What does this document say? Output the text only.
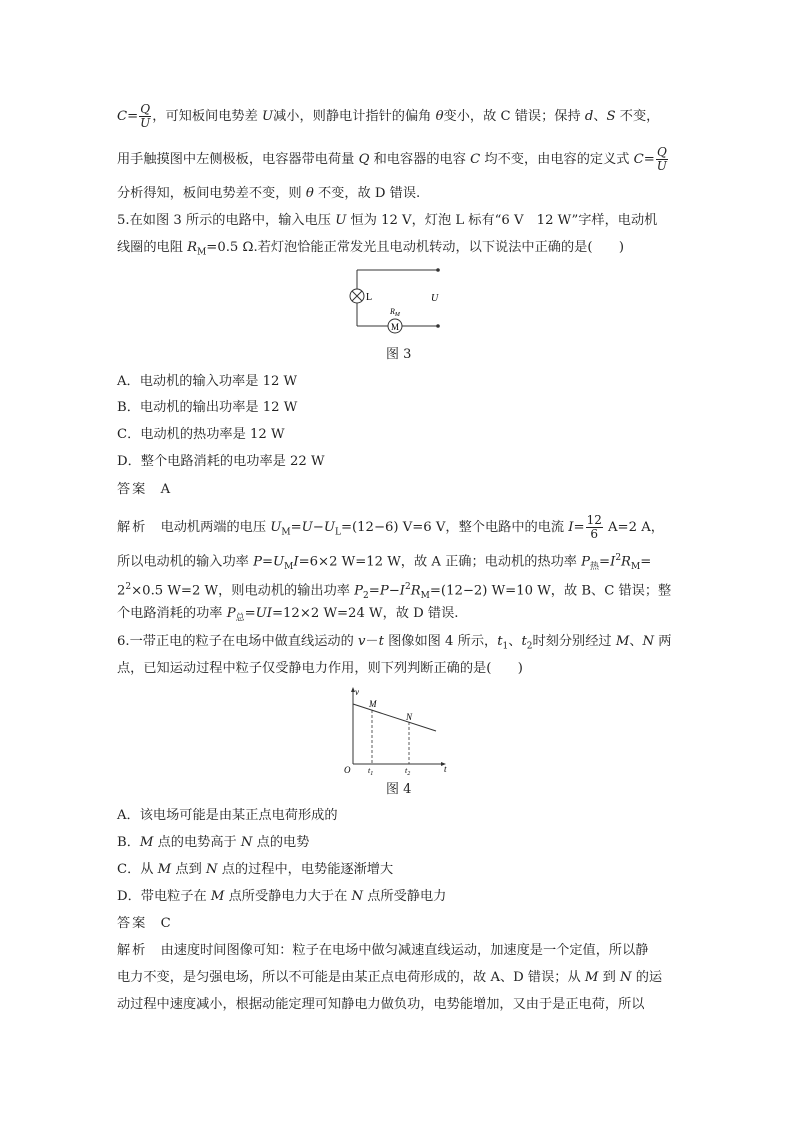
$C= \frac{Q}{U}$ ，可知板间电势差 U减小，则静电计指针的偏角 θ变小，故 C 错误；保持 d、S 不变，
用手触摸图中左侧极板，电容器带电荷量 Q 和电容器的电容 C 均不变，由电容的定义式 $C= \frac{Q}{U}$
分析得知，板间电势差不变，则 θ 不变，故 D 错误.
5.在如图 3 所示的电路中，输入电压 U 恒为 12 V，灯泡 L 标有“6 V　12 W”字样，电动机
线圈的电阻 $R_M=0.5$ Ω.若灯泡恰能正常发光且电动机转动，以下说法中正确的是(　　)
L
M
$R_M$
U
图 3
A．电动机的输入功率是 12 W
B．电动机的输出功率是 12 W
C．电动机的热功率是 12 W
D．整个电路消耗的电功率是 22 W
答案　 A
解析　 电动机两端的电压 $U_M=U-U_L=(12-6)$ V=6 V，整个电路中的电流 $I= \frac{12}{6} A=2$ A，
所以电动机的输入功率 $P=U_MI=6\times 2$ W=12 W，故 A 正确；电动机的热功率 $P_热=I^2R_M=$
$2^2\times 0.5$ W=2 W，则电动机的输出功率 $P_2=P-I^2R_M=(12-2)$ W=10 W，故 B、C 错误；整
个电路消耗的功率 $P_总=UI=12\times 2$ W=24 W，故 D 错误.
6.一带正电的粒子在电场中做直线运动的 v－t 图像如图 4 所示，$t_1$、$t_2$时刻分别经过 M、N 两
点，已知运动过程中粒子仅受静电力作用，则下列判断正确的是(　　)
v
t
O $t_1$	$t_2$
M
N
图 4
A．该电场可能是由某正点电荷形成的
B．M 点的电势高于 N 点的电势
C．从 M 点到 N 点的过程中，电势能逐渐增大
D．带电粒子在 M 点所受静电力大于在 N 点所受静电力
答案　 C
解析　 由速度时间图像可知：粒子在电场中做匀减速直线运动，加速度是一个定值，所以静
电力不变，是匀强电场，所以不可能是由某正点电荷形成的，故 A、D 错误；从 M 到 N 的运
动过程中速度减小，根据动能定理可知静电力做负功，电势能增加，又由于是正电荷，所以
